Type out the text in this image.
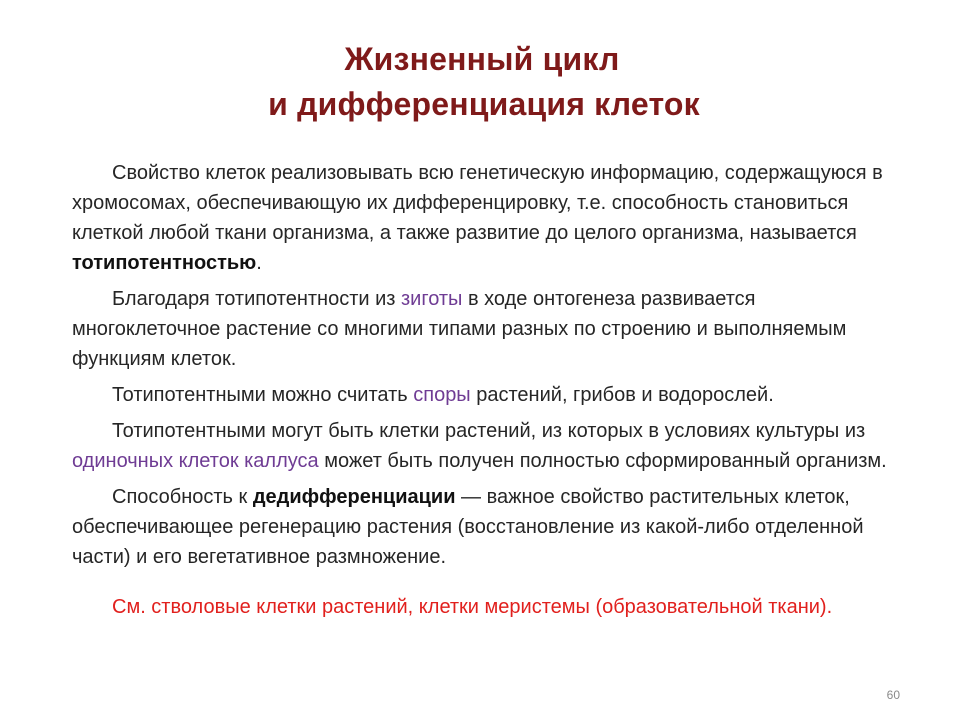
Жизненный цикл
и дифференциация клеток

Свойство клеток реализовывать всю генетическую информацию, содержащуюся в хромосомах, обеспечивающую их дифференцировку, т.е. способность становиться клеткой любой ткани организма, а также развитие до целого организма, называется тотипотентностью.

Благодаря тотипотентности из зиготы в ходе онтогенеза развивается многоклеточное растение со многими типами разных по строению и выполняемым функциям клеток.

Тотипотентными можно считать споры растений, грибов и водорослей.

Тотипотентными могут быть клетки растений, из которых в условиях культуры из одиночных клеток каллуса может быть получен полностью сформированный организм.

Способность к дедифференциации — важное свойство растительных клеток, обеспечивающее регенерацию растения (восстановление из какой-либо отделенной части) и его вегетативное размножение.

См. стволовые клетки растений, клетки меристемы (образовательной ткани).

60
